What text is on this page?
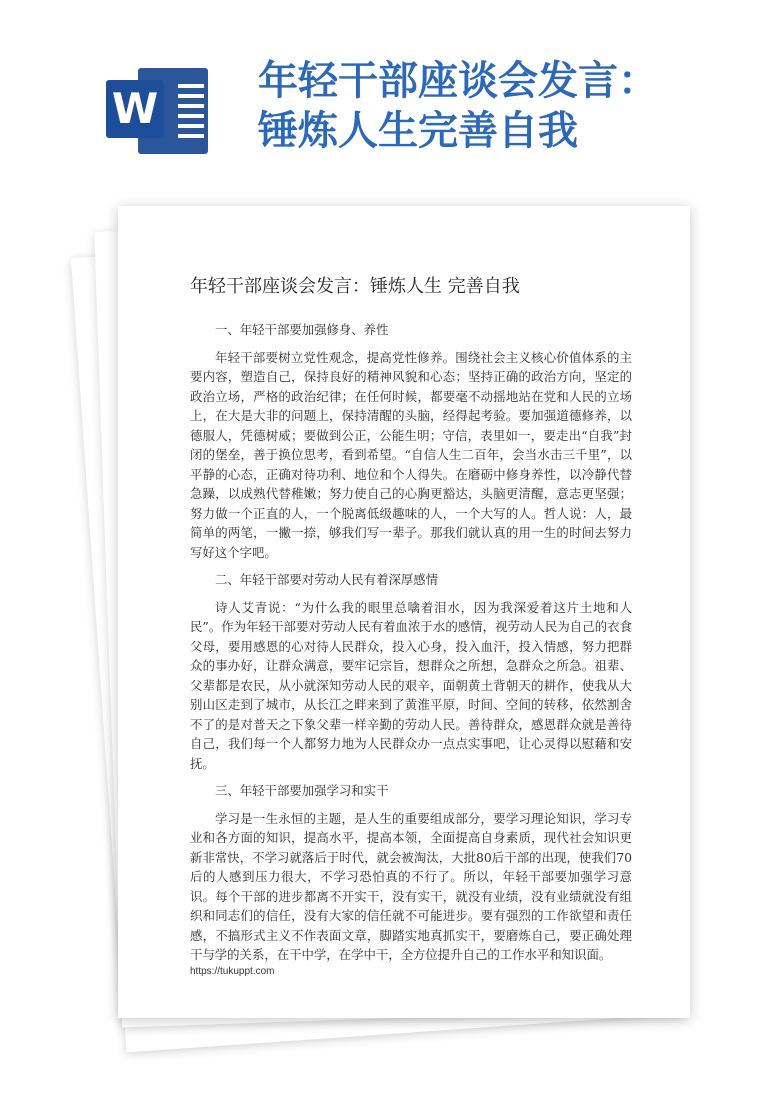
W
年轻干部座谈会发言：
锤炼人生完善自我
年轻干部座谈会发言：锤炼人生 完善自我

一、年轻干部要加强修身、养性

年轻干部要树立党性观念，提高党性修养。围绕社会主义核心价值体系的主要内容，塑造自己，保持良好的精神风貌和心态；坚持正确的政治方向，坚定的政治立场，严格的政治纪律；在任何时候，都要毫不动摇地站在党和人民的立场上，在大是大非的问题上，保持清醒的头脑，经得起考验。要加强道德修养，以德服人，凭德树威；要做到公正，公能生明；守信，表里如一，要走出“自我”封闭的堡垒，善于换位思考，看到希望。“自信人生二百年，会当水击三千里”，以平静的心态，正确对待功利、地位和个人得失。在磨砺中修身养性，以冷静代替急躁，以成熟代替稚嫩；努力使自己的心胸更豁达，头脑更清醒，意志更坚强；努力做一个正直的人，一个脱离低级趣味的人，一个大写的人。哲人说：人，最简单的两笔，一撇一捺，够我们写一辈子。那我们就认真的用一生的时间去努力写好这个字吧。

二、年轻干部要对劳动人民有着深厚感情

诗人艾青说：“为什么我的眼里总噙着泪水，因为我深爱着这片土地和人民”。作为年轻干部要对劳动人民有着血浓于水的感情，视劳动人民为自己的衣食父母，要用感恩的心对待人民群众，投入心身，投入血汗，投入情感，努力把群众的事办好，让群众满意，要牢记宗旨，想群众之所想，急群众之所急。祖辈、父辈都是农民，从小就深知劳动人民的艰辛，面朝黄土背朝天的耕作，使我从大别山区走到了城市，从长江之畔来到了黄淮平原，时间、空间的转移，依然割舍不了的是对普天之下象父辈一样辛勤的劳动人民。善待群众，感恩群众就是善待自己，我们每一个人都努力地为人民群众办一点点实事吧，让心灵得以慰藉和安抚。

三、年轻干部要加强学习和实干

学习是一生永恒的主题，是人生的重要组成部分，要学习理论知识，学习专业和各方面的知识，提高水平，提高本领，全面提高自身素质，现代社会知识更新非常快，不学习就落后于时代，就会被淘汰，大批80后干部的出现，使我们70后的人感到压力很大，不学习恐怕真的不行了。所以，年轻干部要加强学习意识。每个干部的进步都离不开实干，没有实干，就没有业绩，没有业绩就没有组织和同志们的信任，没有大家的信任就不可能进步。要有强烈的工作欲望和责任感，不搞形式主义不作表面文章，脚踏实地真抓实干，要磨炼自己，要正确处理干与学的关系，在干中学，在学中干，全方位提升自己的工作水平和知识面。

https://tukuppt.com
